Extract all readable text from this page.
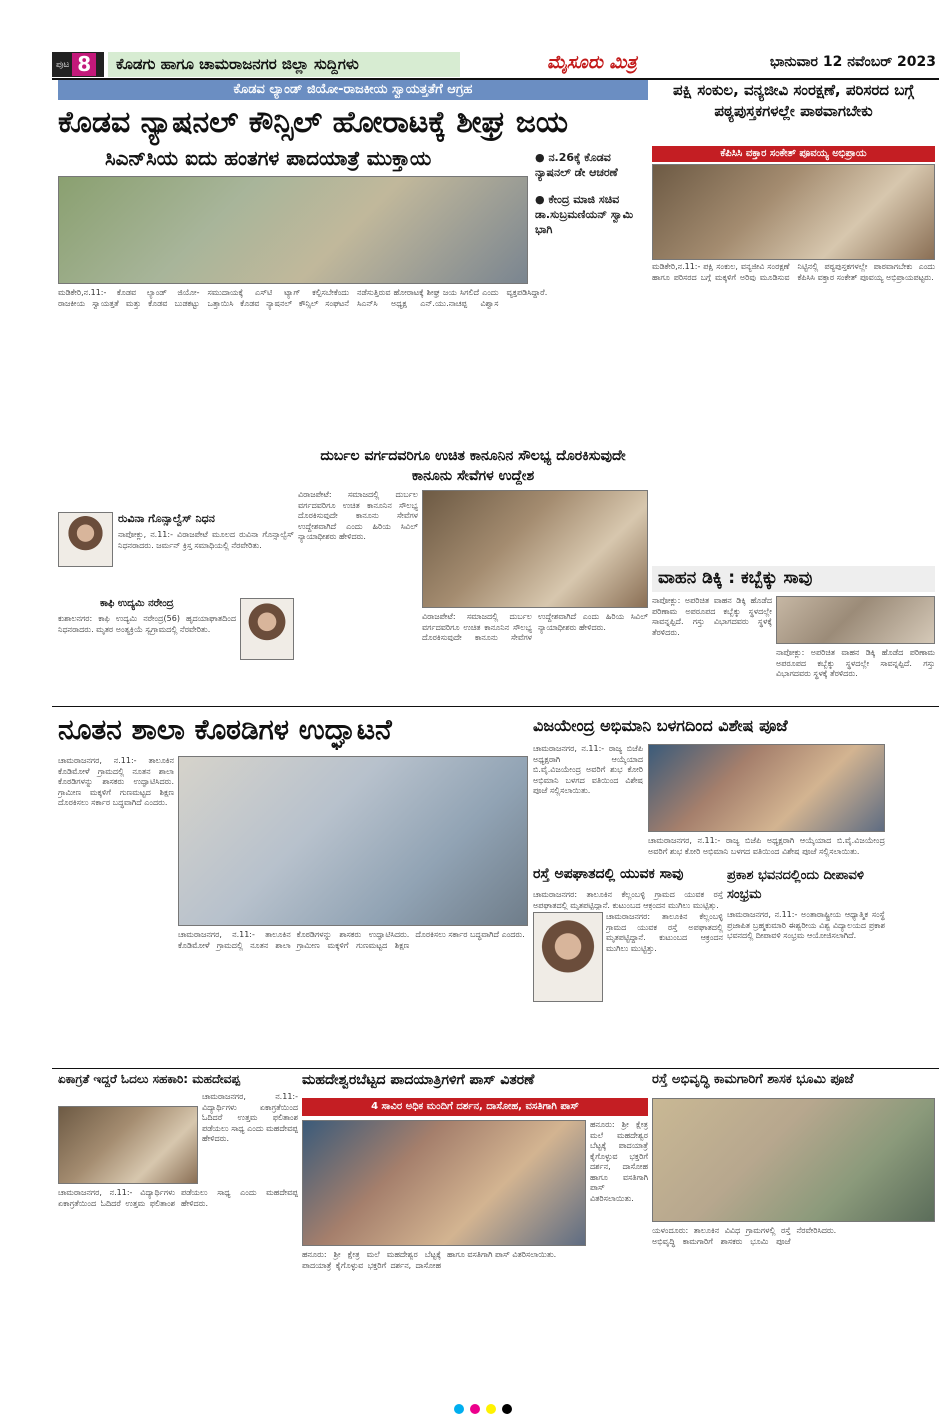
ಪುಟ 8	ಕೊಡಗು ಹಾಗೂ ಚಾಮರಾಜನಗರ ಜಿಲ್ಲಾ ಸುದ್ದಿಗಳು	ಮೈಸೂರು ಮಿತ್ರ	ಭಾನುವಾರ 12 ನವೆಂಬರ್ 2023
ಕೊಡವ ಲ್ಯಾಂಡ್ ಜಿಯೋ-ರಾಜಕೀಯ ಸ್ವಾಯತ್ತತೆಗೆ ಆಗ್ರಹ
ಕೊಡವ ನ್ಯಾಷನಲ್ ಕೌನ್ಸಿಲ್ ಹೋರಾಟಕ್ಕೆ ಶೀಘ್ರ ಜಯ
ಸಿಎನ್‌ಸಿಯ ಐದು ಹಂತಗಳ ಪಾದಯಾತ್ರೆ ಮುಕ್ತಾಯ	● ನ.26ಕ್ಕೆ ಕೊಡವ ನ್ಯಾಷನಲ್ ಡೇ ಆಚರಣೆ
● ಕೇಂದ್ರ ಮಾಜಿ ಸಚಿವ ಡಾ.ಸುಬ್ರಮಣಿಯನ್ ಸ್ವಾಮಿ ಭಾಗಿ
ಮಡಿಕೇರಿ,ನ.11:- ಕೊಡವ ಲ್ಯಾಂಡ್ ಜಿಯೋ-ರಾಜಕೀಯ ಸ್ವಾಯತ್ತತೆ ಮತ್ತು ಕೊಡವ ಬುಡಕಟ್ಟು ಸಮುದಾಯಕ್ಕೆ ಎಸ್‌ಟಿ ಟ್ಯಾಗ್ ಕಲ್ಪಿಸಬೇಕೆಂದು ಒತ್ತಾಯಿಸಿ ಕೊಡವ ನ್ಯಾಷನಲ್ ಕೌನ್ಸಿಲ್ ಸಂಘಟನೆ ನಡೆಸುತ್ತಿರುವ ಹೋರಾಟಕ್ಕೆ ಶೀಘ್ರ ಜಯ ಸಿಗಲಿದೆ ಎಂದು ಸಿಎನ್‌ಸಿ ಅಧ್ಯಕ್ಷ ಎನ್.ಯು.ನಾಚಪ್ಪ ವಿಶ್ವಾಸ ವ್ಯಕ್ತಪಡಿಸಿದ್ದಾರೆ.
ಪಕ್ಷಿ ಸಂಕುಲ, ವನ್ಯಜೀವಿ ಸಂರಕ್ಷಣೆ, ಪರಿಸರದ ಬಗ್ಗೆ ಪಠ್ಯಪುಸ್ತಕಗಳಲ್ಲೇ ಪಾಠವಾಗಬೇಕು
ಕೆಪಿಸಿಸಿ ವಕ್ತಾರ ಸಂಕೇತ್ ಪೂವಯ್ಯ ಅಭಿಪ್ರಾಯ
ಮಡಿಕೇರಿ,ನ.11:- ಪಕ್ಷಿ ಸಂಕುಲ, ವನ್ಯಜೀವಿ ಸಂರಕ್ಷಣೆ ಹಾಗೂ ಪರಿಸರದ ಬಗ್ಗೆ ಮಕ್ಕಳಿಗೆ ಅರಿವು ಮೂಡಿಸುವ ನಿಟ್ಟಿನಲ್ಲಿ ಪಠ್ಯಪುಸ್ತಕಗಳಲ್ಲೇ ಪಾಠವಾಗಬೇಕು ಎಂದು ಕೆಪಿಸಿಸಿ ವಕ್ತಾರ ಸಂಕೇತ್ ಪೂವಯ್ಯ ಅಭಿಪ್ರಾಯಪಟ್ಟರು.
ದುರ್ಬಲ ವರ್ಗದವರಿಗೂ ಉಚಿತ ಕಾನೂನಿನ ಸೌಲಭ್ಯ ದೊರಕಿಸುವುದೇ ಕಾನೂನು ಸೇವೆಗಳ ಉದ್ದೇಶ
ವಿರಾಜಪೇಟೆ: ಸಮಾಜದಲ್ಲಿ ದುರ್ಬಲ ವರ್ಗದವರಿಗೂ ಉಚಿತ ಕಾನೂನಿನ ಸೌಲಭ್ಯ ದೊರಕಿಸುವುದೇ ಕಾನೂನು ಸೇವೆಗಳ ಉದ್ದೇಶವಾಗಿದೆ ಎಂದು ಹಿರಿಯ ಸಿವಿಲ್ ನ್ಯಾಯಾಧೀಶರು ಹೇಳಿದರು.
ವಿರಾಜಪೇಟೆ: ಸಮಾಜದಲ್ಲಿ ದುರ್ಬಲ ವರ್ಗದವರಿಗೂ ಉಚಿತ ಕಾನೂನಿನ ಸೌಲಭ್ಯ ದೊರಕಿಸುವುದೇ ಕಾನೂನು ಸೇವೆಗಳ ಉದ್ದೇಶವಾಗಿದೆ ಎಂದು ಹಿರಿಯ ಸಿವಿಲ್ ನ್ಯಾಯಾಧೀಶರು ಹೇಳಿದರು.
ರುವಿನಾ ಗೊನ್ಸಾಲ್ವೆಸ್ ನಿಧನ
ನಾಪೋಕ್ಲು, ನ.11:- ವಿರಾಜಪೇಟೆ ಮೂಲದ ರುವಿನಾ ಗೊನ್ಸಾಲ್ವೆಸ್ ನಿಧನರಾದರು. ಜರ್ಮನ್ ಕ್ರಿಸ್ತ ಸಮಾಧಿಯಲ್ಲಿ ನೆರವೇರಿತು.
ಕಾಫಿ ಉದ್ಯಮಿ ನರೇಂದ್ರ
ಕುಶಾಲನಗರ: ಕಾಫಿ ಉದ್ಯಮಿ ನರೇಂದ್ರ(56) ಹೃದಯಾಘಾತದಿಂದ ನಿಧನರಾದರು. ಮೃತರ ಅಂತ್ಯಕ್ರಿಯೆ ಸ್ವಗ್ರಾಮದಲ್ಲಿ ನೆರವೇರಿತು.
ವಾಹನ ಡಿಕ್ಕಿ : ಕಬ್ಬೆಕ್ಕು ಸಾವು
ನಾಪೋಕ್ಲು: ಅಪರಿಚಿತ ವಾಹನ ಡಿಕ್ಕಿ ಹೊಡೆದ ಪರಿಣಾಮ ಅಪರೂಪದ ಕಬ್ಬೆಕ್ಕು ಸ್ಥಳದಲ್ಲೇ ಸಾವನ್ನಪ್ಪಿದೆ. ಗಸ್ತು ವಿಭಾಗದವರು ಸ್ಥಳಕ್ಕೆ ತೆರಳಿದರು.
ನಾಪೋಕ್ಲು: ಅಪರಿಚಿತ ವಾಹನ ಡಿಕ್ಕಿ ಹೊಡೆದ ಪರಿಣಾಮ ಅಪರೂಪದ ಕಬ್ಬೆಕ್ಕು ಸ್ಥಳದಲ್ಲೇ ಸಾವನ್ನಪ್ಪಿದೆ. ಗಸ್ತು ವಿಭಾಗದವರು ಸ್ಥಳಕ್ಕೆ ತೆರಳಿದರು.
ನೂತನ ಶಾಲಾ ಕೊಠಡಿಗಳ ಉದ್ಘಾಟನೆ
ಚಾಮರಾಜನಗರ, ನ.11:- ತಾಲೂಕಿನ ಕೊಡಿಮೋಳೆ ಗ್ರಾಮದಲ್ಲಿ ನೂತನ ಶಾಲಾ ಕೊಠಡಿಗಳನ್ನು ಶಾಸಕರು ಉದ್ಘಾಟಿಸಿದರು. ಗ್ರಾಮೀಣ ಮಕ್ಕಳಿಗೆ ಗುಣಮಟ್ಟದ ಶಿಕ್ಷಣ ದೊರಕಿಸಲು ಸರ್ಕಾರ ಬದ್ಧವಾಗಿದೆ ಎಂದರು.
ಚಾಮರಾಜನಗರ, ನ.11:- ತಾಲೂಕಿನ ಕೊಡಿಮೋಳೆ ಗ್ರಾಮದಲ್ಲಿ ನೂತನ ಶಾಲಾ ಕೊಠಡಿಗಳನ್ನು ಶಾಸಕರು ಉದ್ಘಾಟಿಸಿದರು. ಗ್ರಾಮೀಣ ಮಕ್ಕಳಿಗೆ ಗುಣಮಟ್ಟದ ಶಿಕ್ಷಣ ದೊರಕಿಸಲು ಸರ್ಕಾರ ಬದ್ಧವಾಗಿದೆ ಎಂದರು.
ವಿಜಯೇಂದ್ರ ಅಭಿಮಾನಿ ಬಳಗದಿಂದ ವಿಶೇಷ ಪೂಜೆ
ಚಾಮರಾಜನಗರ, ನ.11:- ರಾಜ್ಯ ಬಿಜೆಪಿ ಅಧ್ಯಕ್ಷರಾಗಿ ಆಯ್ಕೆಯಾದ ಬಿ.ವೈ.ವಿಜಯೇಂದ್ರ ಅವರಿಗೆ ಶುಭ ಕೋರಿ ಅಭಿಮಾನಿ ಬಳಗದ ವತಿಯಿಂದ ವಿಶೇಷ ಪೂಜೆ ಸಲ್ಲಿಸಲಾಯಿತು.
ಚಾಮರಾಜನಗರ, ನ.11:- ರಾಜ್ಯ ಬಿಜೆಪಿ ಅಧ್ಯಕ್ಷರಾಗಿ ಆಯ್ಕೆಯಾದ ಬಿ.ವೈ.ವಿಜಯೇಂದ್ರ ಅವರಿಗೆ ಶುಭ ಕೋರಿ ಅಭಿಮಾನಿ ಬಳಗದ ವತಿಯಿಂದ ವಿಶೇಷ ಪೂಜೆ ಸಲ್ಲಿಸಲಾಯಿತು.
ರಸ್ತೆ ಅಪಘಾತದಲ್ಲಿ ಯುವಕ ಸಾವು
ಚಾಮರಾಜನಗರ: ತಾಲೂಕಿನ ಕೆಲ್ಲಂಬಳ್ಳಿ ಗ್ರಾಮದ ಯುವಕ ರಸ್ತೆ ಅಪಘಾತದಲ್ಲಿ ಮೃತಪಟ್ಟಿದ್ದಾನೆ. ಕುಟುಂಬದ ಆಕ್ರಂದನ ಮುಗಿಲು ಮುಟ್ಟಿತ್ತು.
ಚಾಮರಾಜನಗರ: ತಾಲೂಕಿನ ಕೆಲ್ಲಂಬಳ್ಳಿ ಗ್ರಾಮದ ಯುವಕ ರಸ್ತೆ ಅಪಘಾತದಲ್ಲಿ ಮೃತಪಟ್ಟಿದ್ದಾನೆ. ಕುಟುಂಬದ ಆಕ್ರಂದನ ಮುಗಿಲು ಮುಟ್ಟಿತ್ತು.
ಪ್ರಕಾಶ ಭವನದಲ್ಲಿಂದು ದೀಪಾವಳಿ ಸಂಭ್ರಮ
ಚಾಮರಾಜನಗರ, ನ.11:- ಅಂತಾರಾಷ್ಟ್ರೀಯ ಆಧ್ಯಾತ್ಮಿಕ ಸಂಸ್ಥೆ ಪ್ರಜಾಪಿತ ಬ್ರಹ್ಮಕುಮಾರಿ ಈಶ್ವರೀಯ ವಿಶ್ವ ವಿದ್ಯಾಲಯದ ಪ್ರಕಾಶ ಭವನದಲ್ಲಿ ದೀಪಾವಳಿ ಸಂಭ್ರಮ ಆಯೋಜಿಸಲಾಗಿದೆ.
ಏಕಾಗ್ರತೆ ಇದ್ದರೆ ಓದಲು ಸಹಕಾರಿ: ಮಹದೇವಪ್ಪ
ಚಾಮರಾಜನಗರ, ನ.11:- ವಿದ್ಯಾರ್ಥಿಗಳು ಏಕಾಗ್ರತೆಯಿಂದ ಓದಿದರೆ ಉತ್ತಮ ಫಲಿತಾಂಶ ಪಡೆಯಲು ಸಾಧ್ಯ ಎಂದು ಮಹದೇವಪ್ಪ ಹೇಳಿದರು.
ಚಾಮರಾಜನಗರ, ನ.11:- ವಿದ್ಯಾರ್ಥಿಗಳು ಏಕಾಗ್ರತೆಯಿಂದ ಓದಿದರೆ ಉತ್ತಮ ಫಲಿತಾಂಶ ಪಡೆಯಲು ಸಾಧ್ಯ ಎಂದು ಮಹದೇವಪ್ಪ ಹೇಳಿದರು.
ಮಹದೇಶ್ವರಬೆಟ್ಟದ ಪಾದಯಾತ್ರಿಗಳಿಗೆ ಪಾಸ್ ವಿತರಣೆ
4 ಸಾವಿರ ಅಧಿಕ ಮಂದಿಗೆ ದರ್ಶನ, ದಾಸೋಹ, ವಸತಿಗಾಗಿ ಪಾಸ್
ಹನೂರು: ಶ್ರೀ ಕ್ಷೇತ್ರ ಮಲೆ ಮಹದೇಶ್ವರ ಬೆಟ್ಟಕ್ಕೆ ಪಾದಯಾತ್ರೆ ಕೈಗೊಳ್ಳುವ ಭಕ್ತರಿಗೆ ದರ್ಶನ, ದಾಸೋಹ ಹಾಗೂ ವಸತಿಗಾಗಿ ಪಾಸ್ ವಿತರಿಸಲಾಯಿತು.
ಹನೂರು: ಶ್ರೀ ಕ್ಷೇತ್ರ ಮಲೆ ಮಹದೇಶ್ವರ ಬೆಟ್ಟಕ್ಕೆ ಪಾದಯಾತ್ರೆ ಕೈಗೊಳ್ಳುವ ಭಕ್ತರಿಗೆ ದರ್ಶನ, ದಾಸೋಹ ಹಾಗೂ ವಸತಿಗಾಗಿ ಪಾಸ್ ವಿತರಿಸಲಾಯಿತು.
ರಸ್ತೆ ಅಭಿವೃದ್ಧಿ ಕಾಮಗಾರಿಗೆ ಶಾಸಕ ಭೂಮಿ ಪೂಜೆ
ಯಳಂದೂರು: ತಾಲೂಕಿನ ವಿವಿಧ ಗ್ರಾಮಗಳಲ್ಲಿ ರಸ್ತೆ ಅಭಿವೃದ್ಧಿ ಕಾಮಗಾರಿಗೆ ಶಾಸಕರು ಭೂಮಿ ಪೂಜೆ ನೆರವೇರಿಸಿದರು.
